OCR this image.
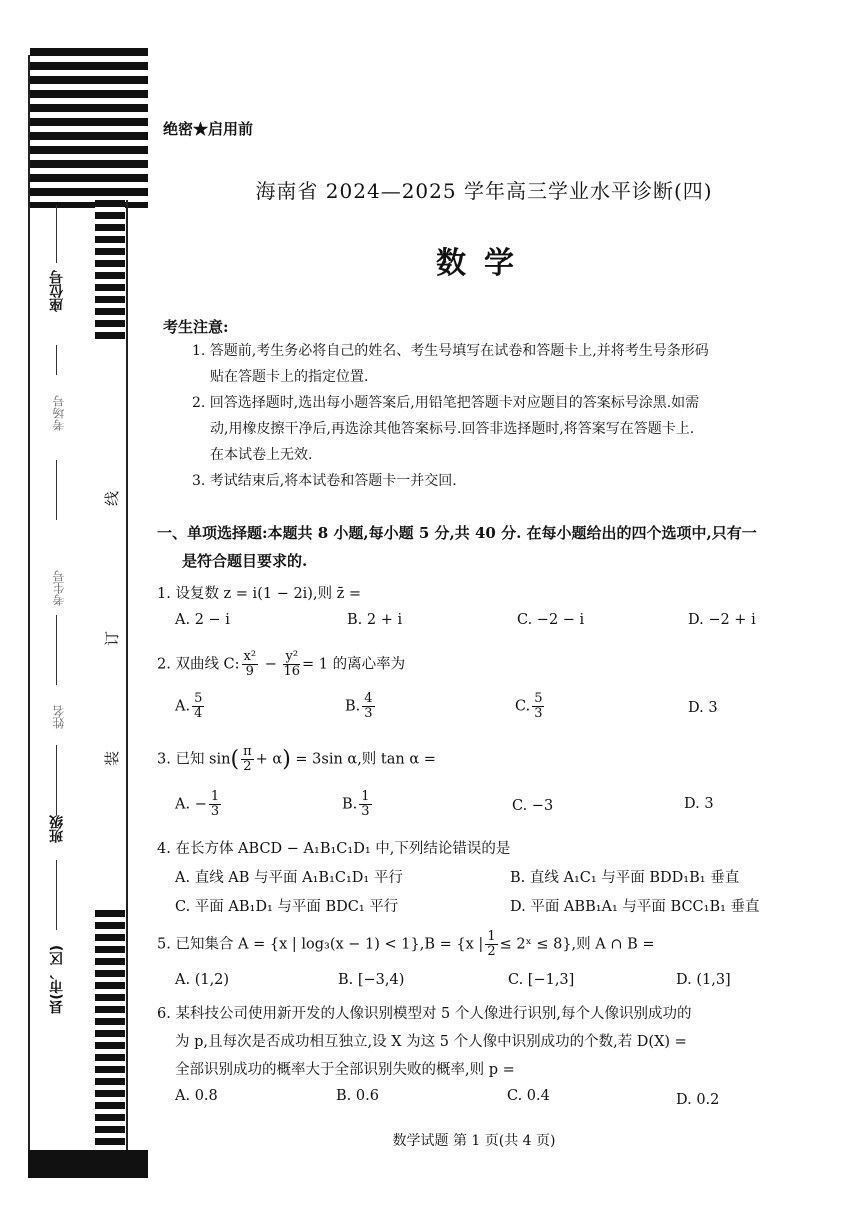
座位号
考场号
考生号
姓名
班级
县(市、区)
线
订
装
绝密★启用前
海南省 2024—2025 学年高三学业水平诊断(四)
数学
考生注意:
1. 答题前,考生务必将自己的姓名、考生号填写在试卷和答题卡上,并将考生号条形码
贴在答题卡上的指定位置.
2. 回答选择题时,选出每小题答案后,用铅笔把答题卡对应题目的答案标号涂黑.如需
动,用橡皮擦干净后,再选涂其他答案标号.回答非选择题时,将答案写在答题卡上.
在本试卷上无效.
3. 考试结束后,将本试卷和答题卡一并交回.
一、单项选择题:本题共 8 小题,每小题 5 分,共 40 分. 在每小题给出的四个选项中,只有一
是符合题目要求的.
1. 设复数 z = i(1 − 2i),则 z̄ =
A. 2 − i	B. 2 + i	C. −2 − i	D. −2 + i
2. 双曲线 C: $\frac{\text{x²}}{9} - \frac{\text{y²}}{16} = 1$ 的离心率为
A. $\frac{5}{4}$	B. $\frac{4}{3}$	C. $\frac{5}{3}$	D. 3
3. 已知 $\sin( \frac{\pi}{2} + \alpha) = 3\sin$ α,则 tan α =
A. − $\frac{1}{3}$	B. $\frac{1}{3}$	C. −3	D. 3
4. 在长方体 ABCD − A₁B₁C₁D₁ 中,下列结论错误的是
A. 直线 AB 与平面 A₁B₁C₁D₁ 平行	B. 直线 A₁C₁ 与平面 BDD₁B₁ 垂直
C. 平面 AB₁D₁ 与平面 BDC₁ 平行	D. 平面 ABB₁A₁ 与平面 BCC₁B₁ 垂直
5. 已知集合 A = {x | log₃(x − 1) < 1},B = {x | $\frac{1}{2}$ ≤ 2ˣ ≤ 8},则 A ∩ B =
A. (1,2)	B. [−3,4)	C. [−1,3]	D. (1,3]
6. 某科技公司使用新开发的人像识别模型对 5 个人像进行识别,每个人像识别成功的
为 p,且每次是否成功相互独立,设 X 为这 5 个人像中识别成功的个数,若 D(X) =
全部识别成功的概率大于全部识别失败的概率,则 p =
A. 0.8	B. 0.6	C. 0.4	D. 0.2
数学试题 第 1 页(共 4 页)
